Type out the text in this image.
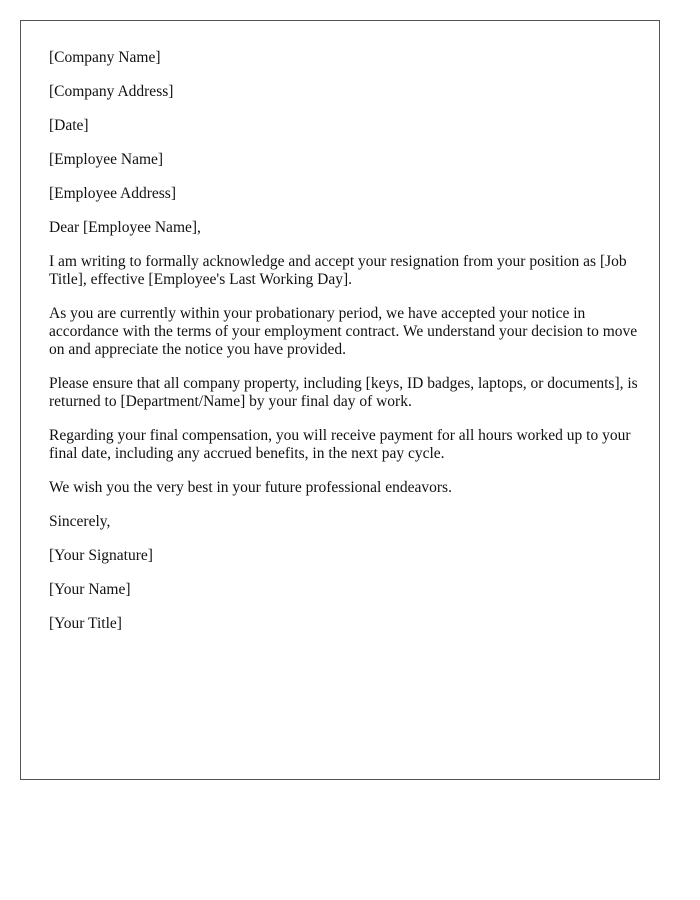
[Company Name]

[Company Address]

[Date]

[Employee Name]

[Employee Address]

Dear [Employee Name],

I am writing to formally acknowledge and accept your resignation from your position as [Job Title], effective [Employee's Last Working Day].

As you are currently within your probationary period, we have accepted your notice in accordance with the terms of your employment contract. We understand your decision to move on and appreciate the notice you have provided.

Please ensure that all company property, including [keys, ID badges, laptops, or documents], is returned to [Department/Name] by your final day of work.

Regarding your final compensation, you will receive payment for all hours worked up to your final date, including any accrued benefits, in the next pay cycle.

We wish you the very best in your future professional endeavors.

Sincerely,

[Your Signature]

[Your Name]

[Your Title]
